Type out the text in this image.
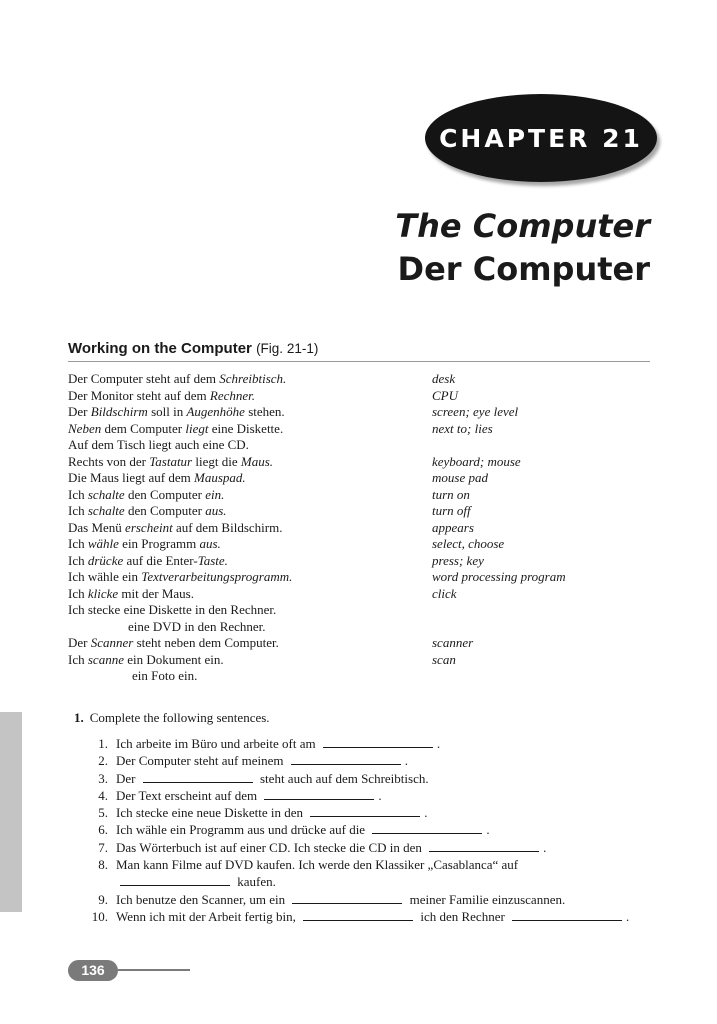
CHAPTER 21
The Computer
Der Computer
Working on the Computer (Fig. 21-1)
Der Computer steht auf dem Schreibtisch.	desk
Der Monitor steht auf dem Rechner.	CPU
Der Bildschirm soll in Augenhöhe stehen.	screen; eye level
Neben dem Computer liegt eine Diskette.	next to; lies
Auf dem Tisch liegt auch eine CD.
Rechts von der Tastatur liegt die Maus.	keyboard; mouse
Die Maus liegt auf dem Mauspad.	mouse pad
Ich schalte den Computer ein.	turn on
Ich schalte den Computer aus.	turn off
Das Menü erscheint auf dem Bildschirm.	appears
Ich wähle ein Programm aus.	select, choose
Ich drücke auf die Enter-Taste.	press; key
Ich wähle ein Textverarbeitungsprogramm.	word processing program
Ich klicke mit der Maus.	click
Ich stecke eine Diskette in den Rechner.
eine DVD in den Rechner.
Der Scanner steht neben dem Computer.	scanner
Ich scanne ein Dokument ein.	scan
ein Foto ein.
1. Complete the following sentences.
1. Ich arbeite im Büro und arbeite oft am	.
2. Der Computer steht auf meinem	.
3. Der	steht auch auf dem Schreibtisch.
4. Der Text erscheint auf dem	.
5. Ich stecke eine neue Diskette in den	.
6. Ich wähle ein Programm aus und drücke auf die	.
7. Das Wörterbuch ist auf einer CD. Ich stecke die CD in den	.
8. Man kann Filme auf DVD kaufen. Ich werde den Klassiker „Casablanca“ auf
kaufen.
9. Ich benutze den Scanner, um ein	meiner Familie einzuscannen.
10. Wenn ich mit der Arbeit fertig bin,	ich den Rechner	.
136
